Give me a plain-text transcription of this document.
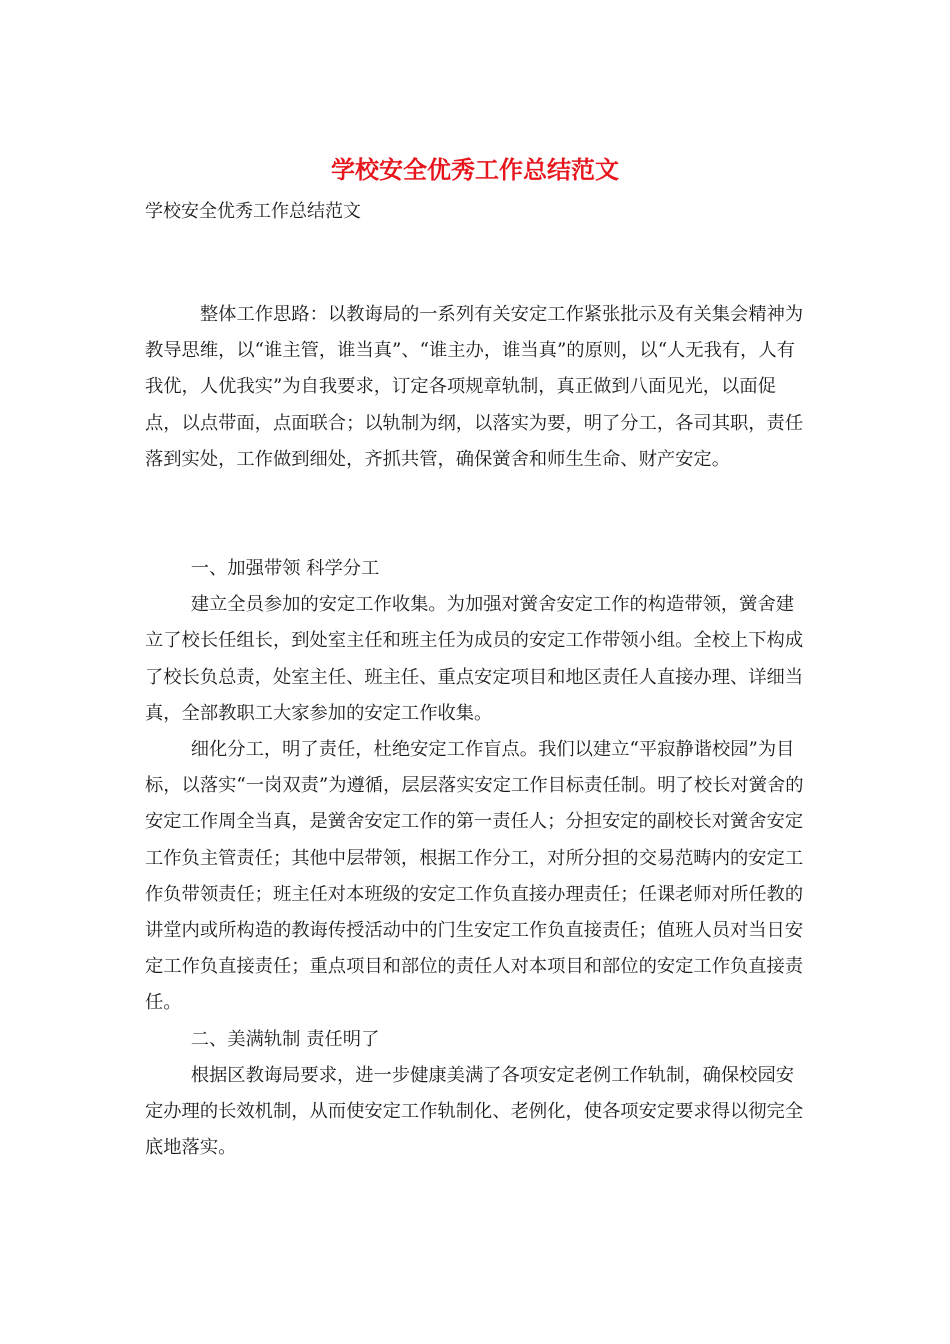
学校安全优秀工作总结范文
学校安全优秀工作总结范文

整体工作思路：以教诲局的一系列有关安定工作紧张批示及有关集会精神为教导思维，以“谁主管，谁当真”、“谁主办，谁当真”的原则，以“人无我有，人有我优，人优我实”为自我要求，订定各项规章轨制，真正做到八面见光，以面促点，以点带面，点面联合；以轨制为纲，以落实为要，明了分工，各司其职，责任落到实处，工作做到细处，齐抓共管，确保黉舍和师生生命、财产安定。

一、加强带领 科学分工

建立全员参加的安定工作收集。为加强对黉舍安定工作的构造带领，黉舍建立了校长任组长，到处室主任和班主任为成员的安定工作带领小组。全校上下构成了校长负总责，处室主任、班主任、重点安定项目和地区责任人直接办理、详细当真，全部教职工大家参加的安定工作收集。

细化分工，明了责任，杜绝安定工作盲点。我们以建立“平寂静谐校园”为目标，以落实“一岗双责”为遵循，层层落实安定工作目标责任制。明了校长对黉舍的安定工作周全当真，是黉舍安定工作的第一责任人；分担安定的副校长对黉舍安定工作负主管责任；其他中层带领，根据工作分工，对所分担的交易范畴内的安定工作负带领责任；班主任对本班级的安定工作负直接办理责任；任课老师对所任教的讲堂内或所构造的教诲传授活动中的门生安定工作负直接责任；值班人员对当日安定工作负直接责任；重点项目和部位的责任人对本项目和部位的安定工作负直接责任。

二、美满轨制 责任明了

根据区教诲局要求，进一步健康美满了各项安定老例工作轨制，确保校园安定办理的长效机制，从而使安定工作轨制化、老例化，使各项安定要求得以彻完全底地落实。
